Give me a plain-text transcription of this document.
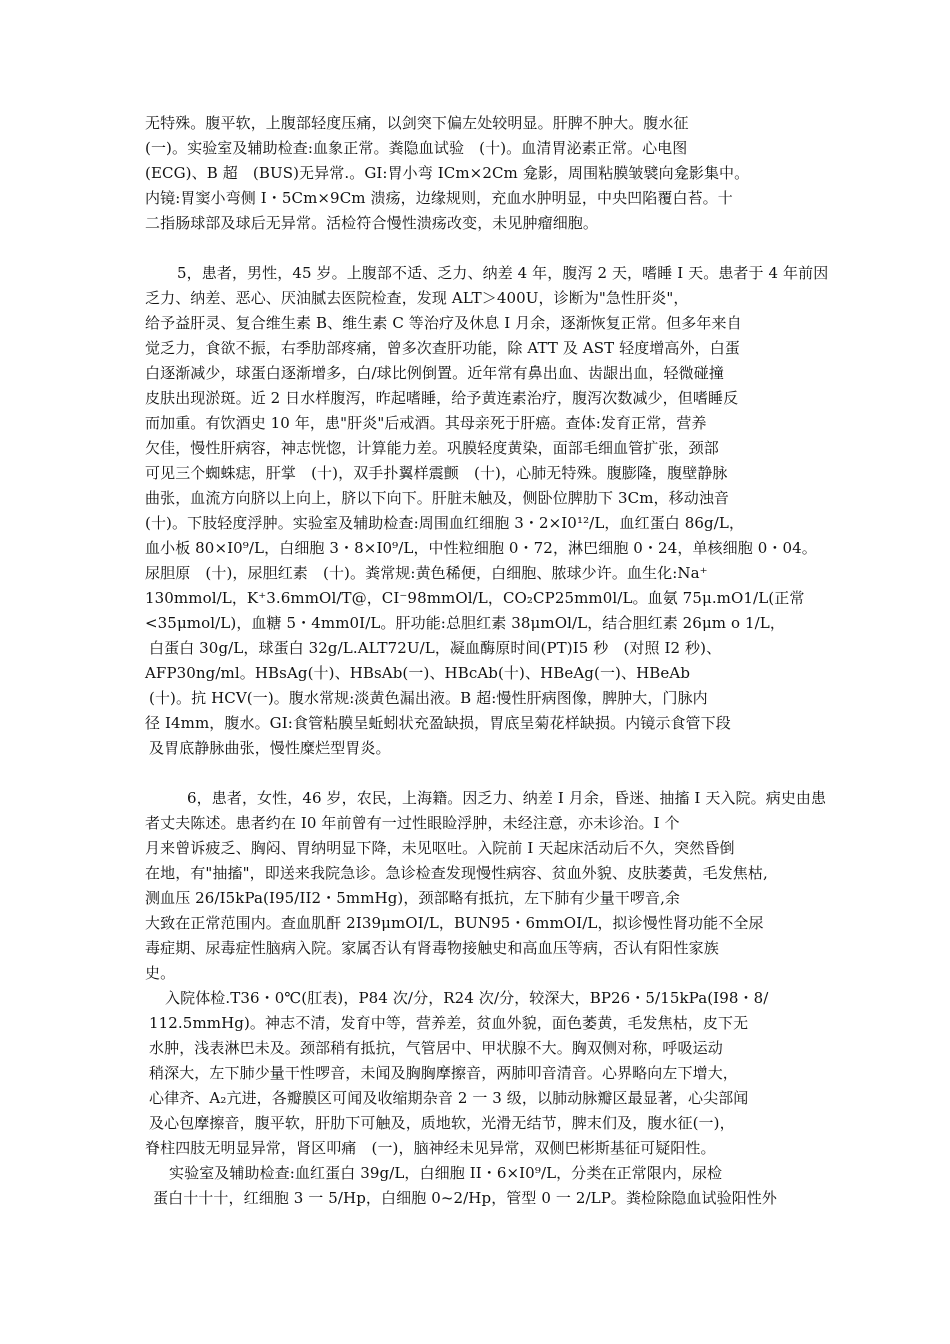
无特殊。腹平软，上腹部轻度压痛，以剑突下偏左处较明显。肝脾不肿大。腹水征
(一)。实验室及辅助检查:血象正常。粪隐血试验　(十)。血清胃泌素正常。心电图
(ECG)、B 超　(BUS)无异常.。GI:胃小弯 ICm×2Cm 龛影，周围粘膜皱襞向龛影集中。
内镜:胃窦小弯侧 I・5Cm×9Cm 溃疡，边缘规则，充血水肿明显，中央凹陷覆白苔。十
二指肠球部及球后无异常。活检符合慢性溃疡改变，未见肿瘤细胞。
5，患者，男性，45 岁。上腹部不适、乏力、纳差 4 年，腹泻 2 天，嗜睡 I 天。患者于 4 年前因
乏力、纳差、恶心、厌油腻去医院检查，发现 ALT＞400U，诊断为"急性肝炎"，
给予益肝灵、复合维生素 B、维生素 C 等治疗及休息 I 月余，逐渐恢复正常。但多年来自
觉乏力，食欲不振，右季肋部疼痛，曾多次查肝功能，除 ATT 及 AST 轻度增高外，白蛋
白逐渐减少，球蛋白逐渐增多，白/球比例倒置。近年常有鼻出血、齿龈出血，轻微碰撞
皮肤出现淤斑。近 2 日水样腹泻，昨起嗜睡，给予黄连素治疗，腹泻次数减少，但嗜睡反
而加重。有饮酒史 10 年，患"肝炎"后戒酒。其母亲死于肝癌。查体:发育正常，营养
欠佳，慢性肝病容，神志恍惚，计算能力差。巩膜轻度黄染，面部毛细血管扩张，颈部
可见三个蜘蛛痣，肝掌　(十)，双手扑翼样震颤　(十)，心肺无特殊。腹膨隆，腹壁静脉
曲张，血流方向脐以上向上，脐以下向下。肝脏未触及，侧卧位脾肋下 3Cm，移动浊音
(十)。下肢轻度浮肿。实验室及辅助检查:周围血红细胞 3・2×I0¹²/L，血红蛋白 86g/L，
血小板 80×I0⁹/L，白细胞 3・8×I0⁹/L，中性粒细胞 0・72，淋巴细胞 0・24，单核细胞 0・04。
尿胆原　(十)，尿胆红素　(十)。粪常规:黄色稀便，白细胞、脓球少许。血生化:Na⁺
130mmol/L，K⁺3.6mmOl/T@，CI⁻98mmOl/L，CO₂CP25mm0l/L。血氨 75μ.mO1/L(正常
<35μmol/L)，血糖 5・4mm0I/L。肝功能:总胆红素 38μmOl/L，结合胆红素 26μm ο 1/L，
白蛋白 30g/L，球蛋白 32g/L.ALT72U/L，凝血酶原时间(PT)I5 秒　(对照 I2 秒)、
AFP30ng/ml。HBsAg(十)、HBsAb(一)、HBcAb(十)、HBeAg(一)、HBeAb
(十)。抗 HCV(一)。腹水常规:淡黄色漏出液。B 超:慢性肝病图像，脾肿大，门脉内
径 I4mm，腹水。GI:食管粘膜呈蚯蚓状充盈缺损，胃底呈菊花样缺损。内镜示食管下段
及胃底静脉曲张，慢性糜烂型胃炎。
6，患者，女性，46 岁，农民，上海籍。因乏力、纳差 I 月余，昏迷、抽搐 I 天入院。病史由患
者丈夫陈述。患者约在 I0 年前曾有一过性眼睑浮肿，未经注意，亦未诊治。I 个
月来曾诉疲乏、胸闷、胃纳明显下降，未见呕吐。入院前 I 天起床活动后不久，突然昏倒
在地，有"抽搐"，即送来我院急诊。急诊检查发现慢性病容、贫血外貌、皮肤萎黄，毛发焦枯,
测血压 26/I5kPa(I95/II2・5mmHg)，颈部略有抵抗，左下肺有少量干啰音,余
大致在正常范围内。查血肌酐 2I39μmOI/L，BUN95・6mmOI/L，拟诊慢性肾功能不全尿
毒症期、尿毒症性脑病入院。家属否认有肾毒物接触史和高血压等病，否认有阳性家族
史。
入院体检.T36・0℃(肛表)，P84 次/分，R24 次/分，较深大，BP26・5/15kPa(I98・8/
112.5mmHg)。神志不清，发育中等，营养差，贫血外貌，面色萎黄，毛发焦枯，皮下无
水肿，浅表淋巴未及。颈部稍有抵抗，气管居中、甲状腺不大。胸双侧对称，呼吸运动
稍深大，左下肺少量干性啰音，未闻及胸胸摩擦音，两肺叩音清音。心界略向左下增大，
心律齐、A₂亢进，各瓣膜区可闻及收缩期杂音 2 一 3 级，以肺动脉瓣区最显著，心尖部闻
及心包摩擦音，腹平软，肝肋下可触及，质地软，光滑无结节，脾末们及，腹水征(一)，
脊柱四肢无明显异常，肾区叩痛　(一)，脑神经未见异常，双侧巴彬斯基征可疑阳性。
实验室及辅助检查:血红蛋白 39g/L，白细胞 II・6×I0⁹/L，分类在正常限内，尿检
蛋白十十十，红细胞 3 一 5/Hp，白细胞 0~2/Hp，管型 0 一 2/LP。粪检除隐血试验阳性外
